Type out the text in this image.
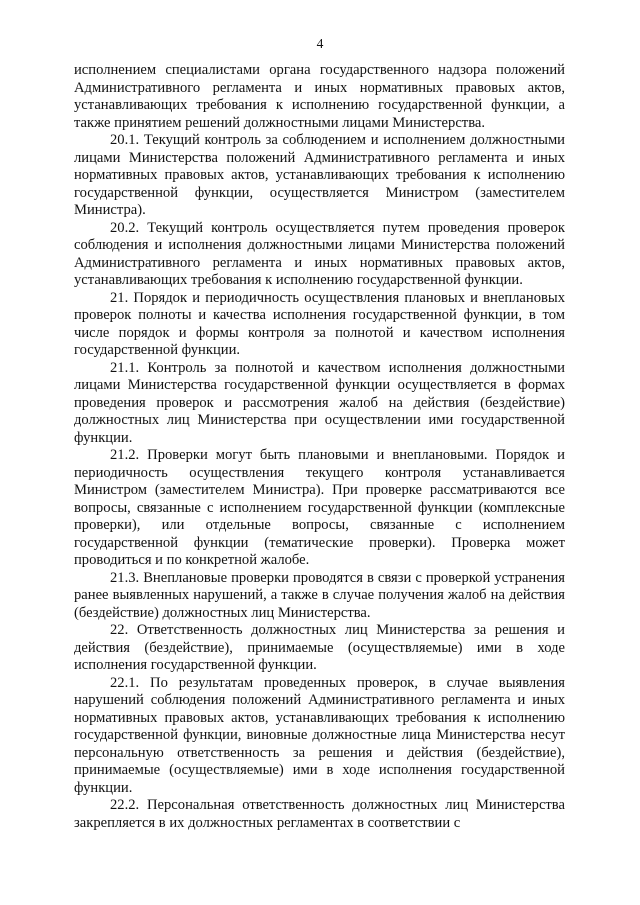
4

исполнением специалистами органа государственного надзора положений Административного регламента и иных нормативных правовых актов, устанавливающих требования к исполнению государственной функции, а также принятием решений должностными лицами Министерства.

20.1. Текущий контроль за соблюдением и исполнением должностными лицами Министерства положений Административного регламента и иных нормативных правовых актов, устанавливающих требования к исполнению государственной функции, осуществляется Министром (заместителем Министра).

20.2. Текущий контроль осуществляется путем проведения проверок соблюдения и исполнения должностными лицами Министерства положений Административного регламента и иных нормативных правовых актов, устанавливающих требования к исполнению государственной функции.

21. Порядок и периодичность осуществления плановых и внеплановых проверок полноты и качества исполнения государственной функции, в том числе порядок и формы контроля за полнотой и качеством исполнения государственной функции.

21.1. Контроль за полнотой и качеством исполнения должностными лицами Министерства государственной функции осуществляется в формах проведения проверок и рассмотрения жалоб на действия (бездействие) должностных лиц Министерства при осуществлении ими государственной функции.

21.2. Проверки могут быть плановыми и внеплановыми. Порядок и периодичность осуществления текущего контроля устанавливается Министром (заместителем Министра). При проверке рассматриваются все вопросы, связанные с исполнением государственной функции (комплексные проверки), или отдельные вопросы, связанные с исполнением государственной функции (тематические проверки). Проверка может проводиться и по конкретной жалобе.

21.3. Внеплановые проверки проводятся в связи с проверкой устранения ранее выявленных нарушений, а также в случае получения жалоб на действия (бездействие) должностных лиц Министерства.

22. Ответственность должностных лиц Министерства за решения и действия (бездействие), принимаемые (осуществляемые) ими в ходе исполнения государственной функции.

22.1. По результатам проведенных проверок, в случае выявления нарушений соблюдения положений Административного регламента и иных нормативных правовых актов, устанавливающих требования к исполнению государственной функции, виновные должностные лица Министерства несут персональную ответственность за решения и действия (бездействие), принимаемые (осуществляемые) ими в ходе исполнения государственной функции.

22.2. Персональная ответственность должностных лиц Министерства закрепляется в их должностных регламентах в соответствии с
